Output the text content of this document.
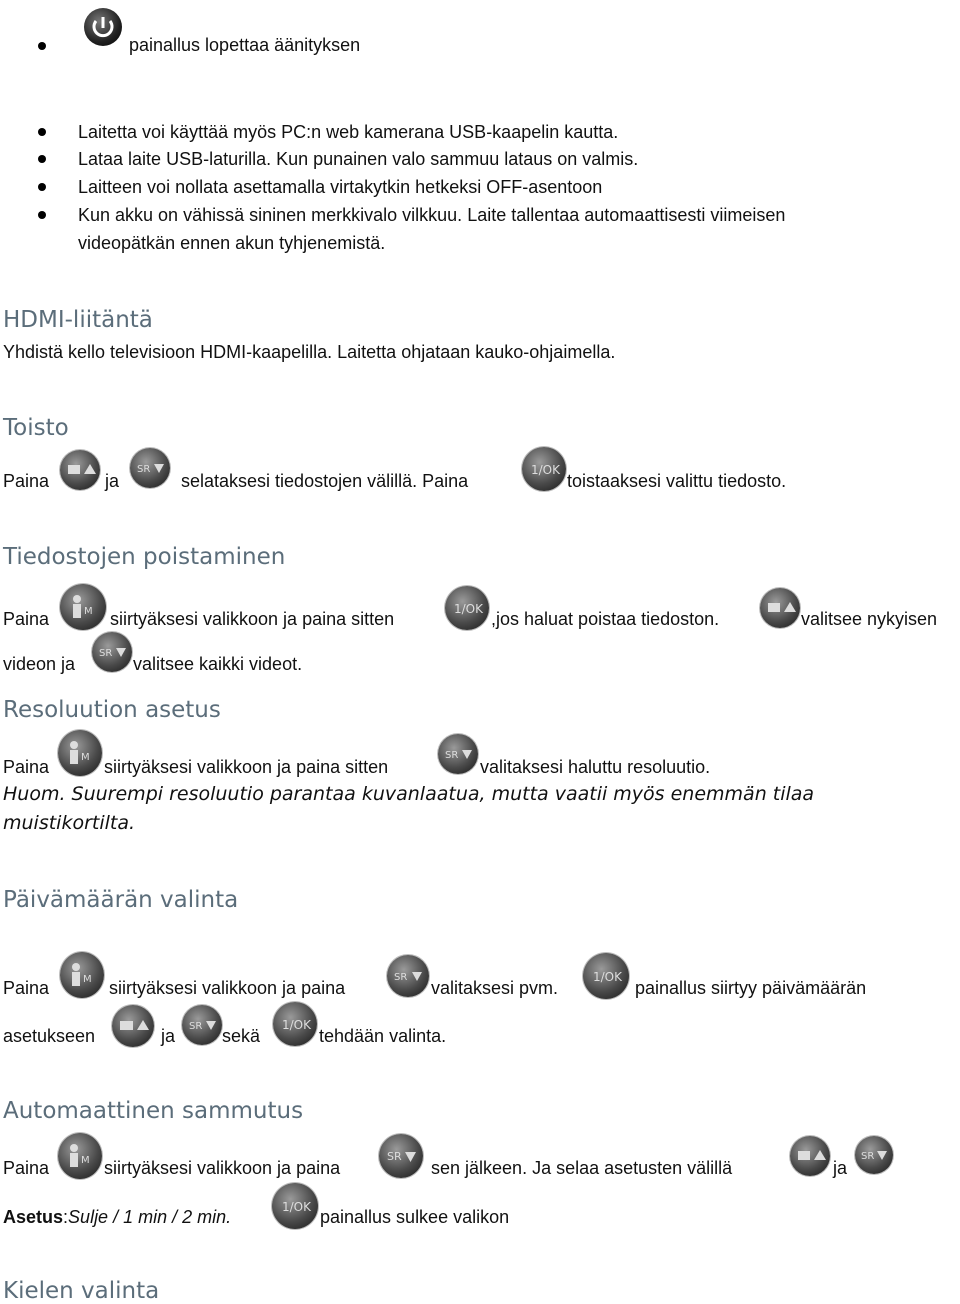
painallus lopettaa äänityksen
Laitetta voi käyttää myös PC:n web kamerana USB-kaapelin kautta.
Lataa laite USB-laturilla. Kun punainen valo sammuu lataus on valmis.
Laitteen voi nollata asettamalla virtakytkin hetkeksi OFF-asentoon
Kun akku on vähissä sininen merkkivalo vilkkuu. Laite tallentaa automaattisesti viimeisen
videopätkän ennen akun tyhjenemistä.
HDMI-liitäntä
Yhdistä kello televisioon HDMI-kaapelilla. Laitetta ohjataan kauko-ohjaimella.
Toisto
Paina	ja
SR
selataksesi tiedostojen välillä. Paina
1/OK
toistaaksesi valittu tiedosto.
Tiedostojen poistaminen
Paina	M siirtyäksesi valikkoon ja paina sitten	1/OK ,jos haluat poistaa tiedoston.	valitsee nykyisen
videon ja
SR
valitsee kaikki videot.
Resoluution asetus
Paina	M siirtyäksesi valikkoon ja paina sitten
SR
valitaksesi haluttu resoluutio.
Huom. Suurempi resoluutio parantaa kuvanlaatua, mutta vaatii myös enemmän tilaa
muistikortilta.
Päivämäärän valinta
Paina	M siirtyäksesi valikkoon ja paina
SR
valitaksesi pvm.
1/OK
painallus siirtyy päivämäärän
asetukseen	ja SR sekä
1/OK
tehdään valinta.
Automaattinen sammutus
Paina	M siirtyäksesi valikkoon ja paina
SR
sen jälkeen. Ja selaa asetusten välillä	ja
SR
Asetus:Sulje / 1 min / 2 min.	1/OK painallus sulkee valikon
Kielen valinta
